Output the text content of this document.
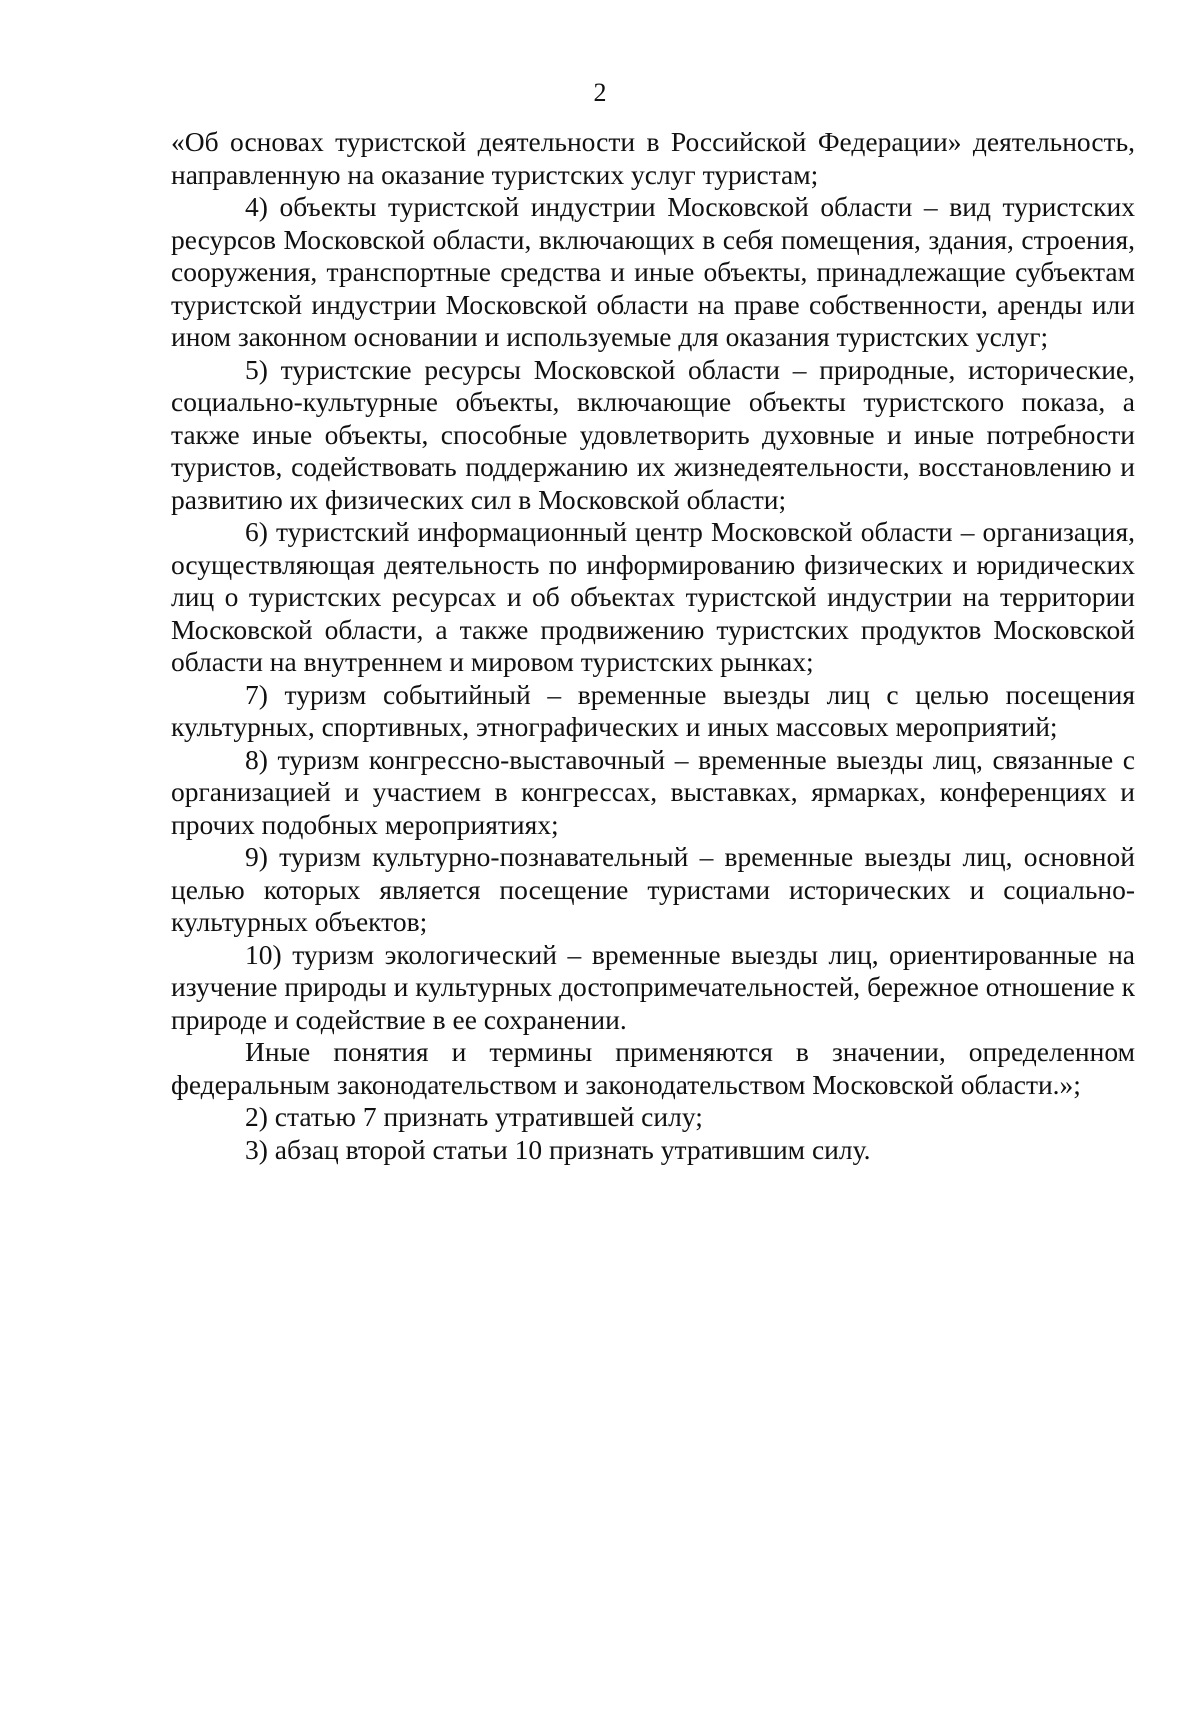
2

«Об основах туристской деятельности в Российской Федерации» деятельность, направленную на оказание туристских услуг туристам;

4) объекты туристской индустрии Московской области – вид туристских ресурсов Московской области, включающих в себя помещения, здания, строения, сооружения, транспортные средства и иные объекты, принадлежащие субъектам туристской индустрии Московской области на праве собственности, аренды или ином законном основании и используемые для оказания туристских услуг;

5) туристские ресурсы Московской области – природные, исторические, социально-культурные объекты, включающие объекты туристского показа, а также иные объекты, способные удовлетворить духовные и иные потребности туристов, содействовать поддержанию их жизнедеятельности, восстановлению и развитию их физических сил в Московской области;

6) туристский информационный центр Московской области – организация, осуществляющая деятельность по информированию физических и юридических лиц о туристских ресурсах и об объектах туристской индустрии на территории Московской области, а также продвижению туристских продуктов Московской области на внутреннем и мировом туристских рынках;

7) туризм событийный – временные выезды лиц с целью посещения культурных, спортивных, этнографических и иных массовых мероприятий;

8) туризм конгрессно-выставочный – временные выезды лиц, связанные с организацией и участием в конгрессах, выставках, ярмарках, конференциях и прочих подобных мероприятиях;

9) туризм культурно-познавательный – временные выезды лиц, основной целью которых является посещение туристами исторических и социально-культурных объектов;

10) туризм экологический – временные выезды лиц, ориентированные на изучение природы и культурных достопримечательностей, бережное отношение к природе и содействие в ее сохранении.

Иные понятия и термины применяются в значении, определенном федеральным законодательством и законодательством Московской области.»;

2) статью 7 признать утратившей силу;

3) абзац второй статьи 10 признать утратившим силу.
